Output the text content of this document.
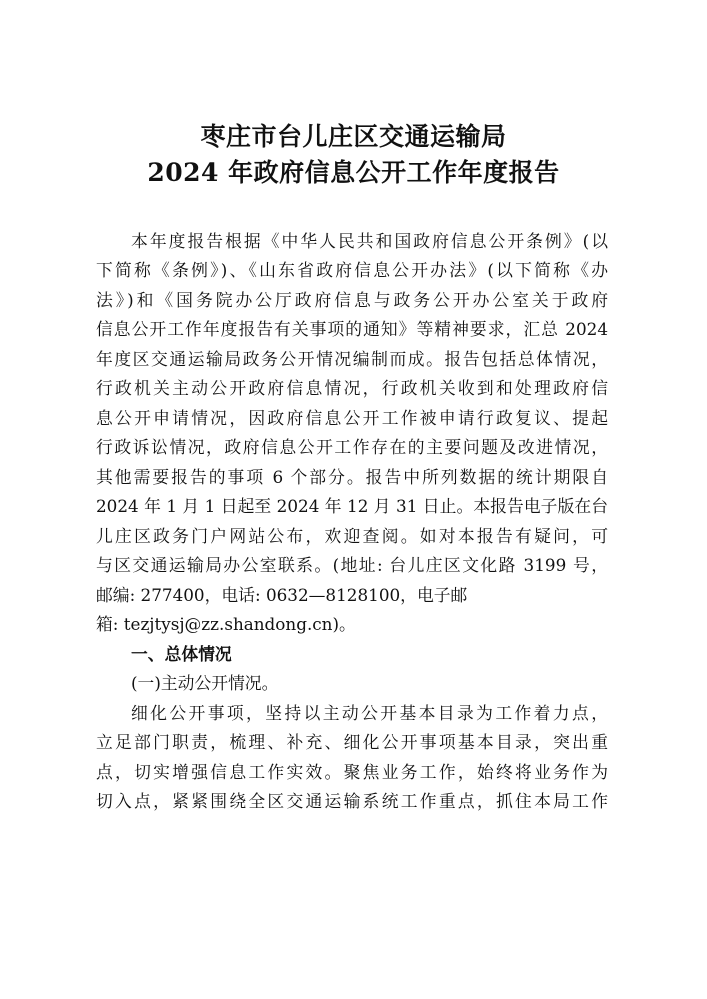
枣庄市台儿庄区交通运输局
2024 年政府信息公开工作年度报告
本年度报告根据《中华人民共和国政府信息公开条例》(以
下简称《条例》)、《山东省政府信息公开办法》(以下简称《办
法》)和《国务院办公厅政府信息与政务公开办公室关于政府
信息公开工作年度报告有关事项的通知》等精神要求，汇总 2024
年度区交通运输局政务公开情况编制而成。报告包括总体情况，
行政机关主动公开政府信息情况，行政机关收到和处理政府信
息公开申请情况，因政府信息公开工作被申请行政复议、提起
行政诉讼情况，政府信息公开工作存在的主要问题及改进情况，
其他需要报告的事项 6 个部分。报告中所列数据的统计期限自
2024 年 1 月 1 日起至 2024 年 12 月 31 日止。本报告电子版在台
儿庄区政务门户网站公布，欢迎查阅。如对本报告有疑问，可
与区交通运输局办公室联系。(地址: 台儿庄区文化路 3199 号，
邮编: 277400，电话: 0632—8128100，电子邮
箱: tezjtysj@zz.shandong.cn)。
一、总体情况
(一)主动公开情况。
细化公开事项，坚持以主动公开基本目录为工作着力点，
立足部门职责，梳理、补充、细化公开事项基本目录，突出重
点，切实增强信息工作实效。聚焦业务工作，始终将业务作为
切入点，紧紧围绕全区交通运输系统工作重点，抓住本局工作
